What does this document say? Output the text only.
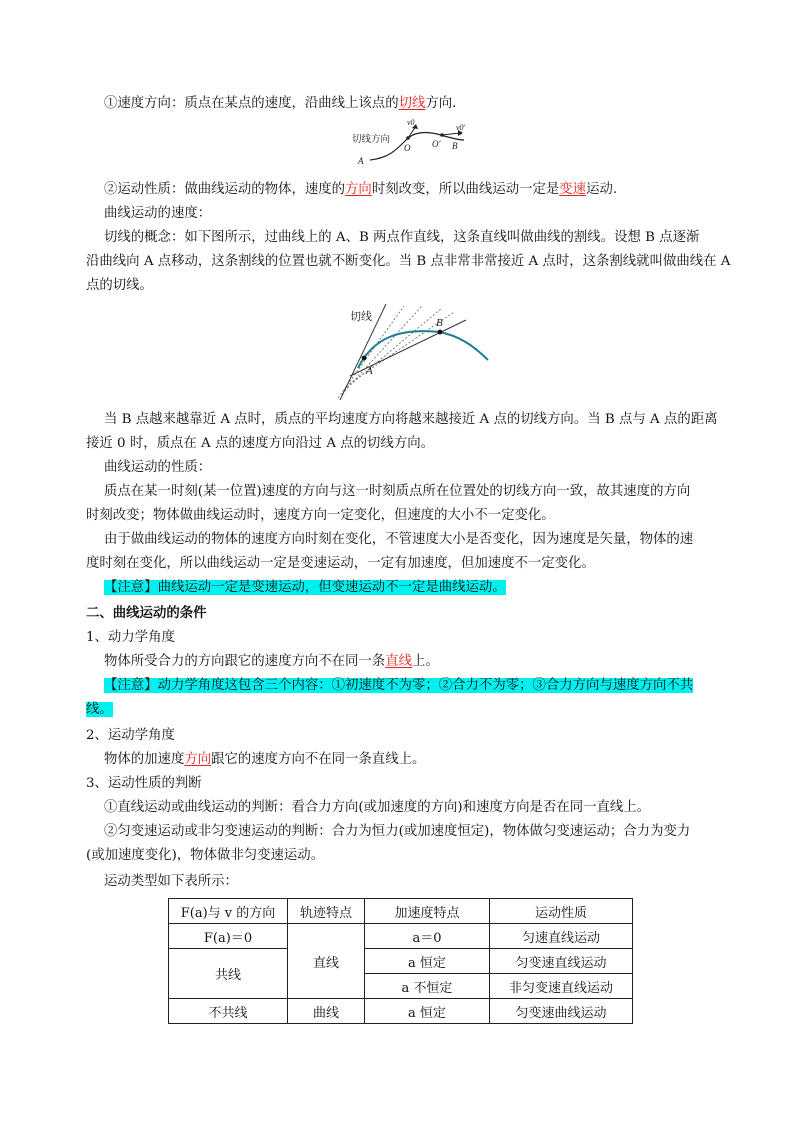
①速度方向：质点在某点的速度，沿曲线上该点的切线方向.
切线方向
v0
v0'
O O' B
A
②运动性质：做曲线运动的物体，速度的方向时刻改变，所以曲线运动一定是变速运动.
曲线运动的速度：
切线的概念：如下图所示，过曲线上的 A、B 两点作直线，这条直线叫做曲线的割线。设想 B 点逐渐
沿曲线向 A 点移动，这条割线的位置也就不断变化。当 B 点非常非常接近 A 点时，这条割线就叫做曲线在 A
点的切线。
切线
A
B
当 B 点越来越靠近 A 点时，质点的平均速度方向将越来越接近 A 点的切线方向。当 B 点与 A 点的距离
接近 0 时，质点在 A 点的速度方向沿过 A 点的切线方向。
曲线运动的性质：
质点在某一时刻(某一位置)速度的方向与这一时刻质点所在位置处的切线方向一致，故其速度的方向
时刻改变；物体做曲线运动时，速度方向一定变化，但速度的大小不一定变化。
由于做曲线运动的物体的速度方向时刻在变化，不管速度大小是否变化，因为速度是矢量，物体的速
度时刻在变化，所以曲线运动一定是变速运动，一定有加速度，但加速度不一定变化。
【注意】曲线运动一定是变速运动，但变速运动不一定是曲线运动。
二、曲线运动的条件
1、动力学角度
物体所受合力的方向跟它的速度方向不在同一条直线上。
【注意】动力学角度这包含三个内容：①初速度不为零；②合力不为零；③合力方向与速度方向不共
线。
2、运动学角度
物体的加速度方向跟它的速度方向不在同一条直线上。
3、运动性质的判断
①直线运动或曲线运动的判断：看合力方向(或加速度的方向)和速度方向是否在同一直线上。
②匀变速运动或非匀变速运动的判断：合力为恒力(或加速度恒定)，物体做匀变速运动；合力为变力
(或加速度变化)，物体做非匀变速运动。
运动类型如下表所示：
F(a)与 v 的方向	轨迹特点	加速度特点	运动性质
F(a)＝0	直线	a＝0	匀速直线运动
共线		a 恒定	匀变速直线运动
		a 不恒定	非匀变速直线运动
不共线	曲线	a 恒定	匀变速曲线运动
